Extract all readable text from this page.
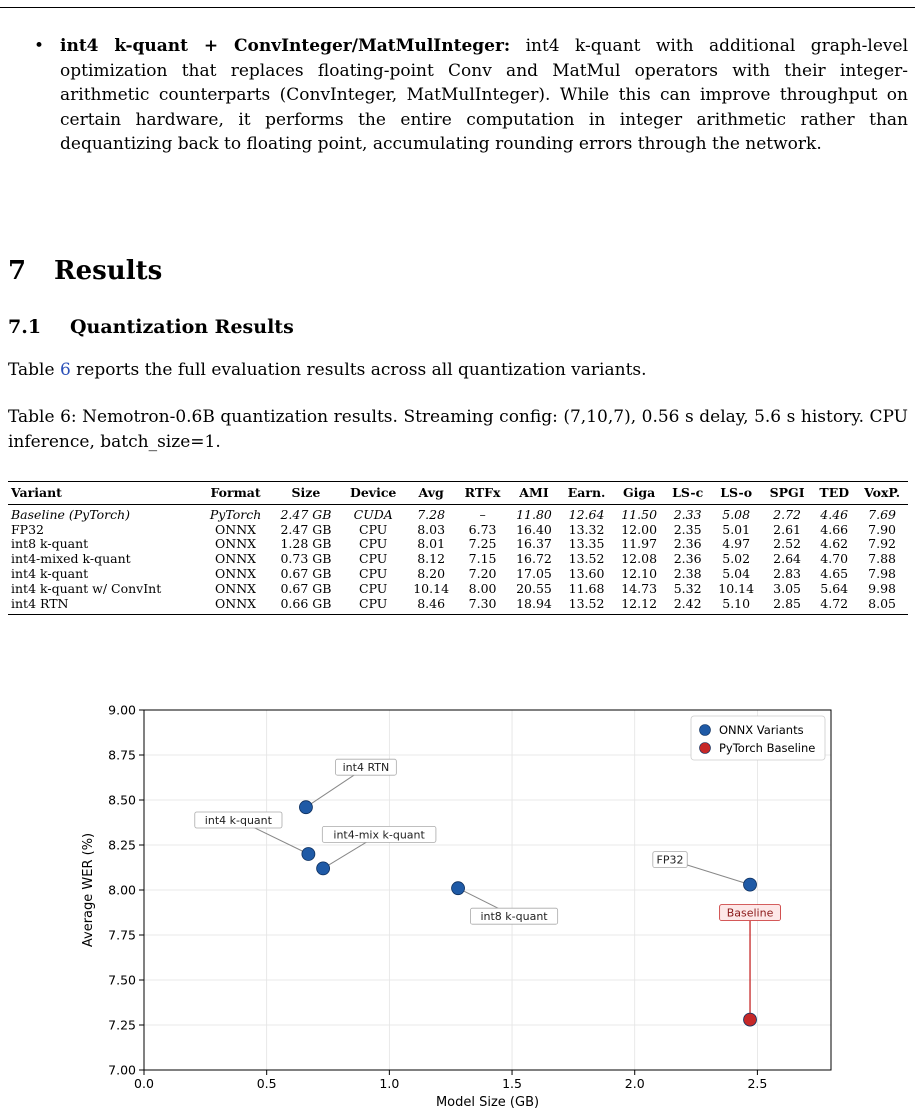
• int4 k-quant + ConvInteger/MatMulInteger: int4 k-quant with additional graph-level optimization that replaces floating-point Conv and MatMul operators with their integer-arithmetic counterparts (ConvInteger, MatMulInteger). While this can improve throughput on certain hardware, it performs the entire computation in integer arithmetic rather than dequantizing back to floating point, accumulating rounding errors through the network.
7 Results
7.1 Quantization Results
Table 6 reports the full evaluation results across all quantization variants.
Table 6: Nemotron-0.6B quantization results. Streaming config: (7,10,7), 0.56 s delay, 5.6 s history. CPU inference, batch_size=1.
Variant	Format	Size	Device	Avg	RTFx	AMI	Earn.	Giga	LS-c	LS-o	SPGI	TED	VoxP.
Baseline (PyTorch)	PyTorch	2.47 GB	CUDA	7.28	–	11.80	12.64	11.50	2.33	5.08	2.72	4.46	7.69
FP32	ONNX	2.47 GB	CPU	8.03	6.73	16.40	13.32	12.00	2.35	5.01	2.61	4.66	7.90
int8 k-quant	ONNX	1.28 GB	CPU	8.01	7.25	16.37	13.35	11.97	2.36	4.97	2.52	4.62	7.92
int4-mixed k-quant	ONNX	0.73 GB	CPU	8.12	7.15	16.72	13.52	12.08	2.36	5.02	2.64	4.70	7.88
int4 k-quant	ONNX	0.67 GB	CPU	8.20	7.20	17.05	13.60	12.10	2.38	5.04	2.83	4.65	7.98
int4 k-quant w/ ConvInt	ONNX	0.67 GB	CPU	10.14	8.00	20.55	11.68	14.73	5.32	10.14	3.05	5.64	9.98
int4 RTN	ONNX	0.66 GB	CPU	8.46	7.30	18.94	13.52	12.12	2.42	5.10	2.85	4.72	8.05
7.00
7.25
7.50
7.75
8.00
8.25
8.50
8.75
9.00
0.0	0.5	1.0	1.5	2.0	2.5
Model Size (GB)
Average WER (%)
int4 RTN
int4 k-quant
int4-mix k-quant
int8 k-quant
FP32
Baseline
ONNX Variants
PyTorch Baseline
